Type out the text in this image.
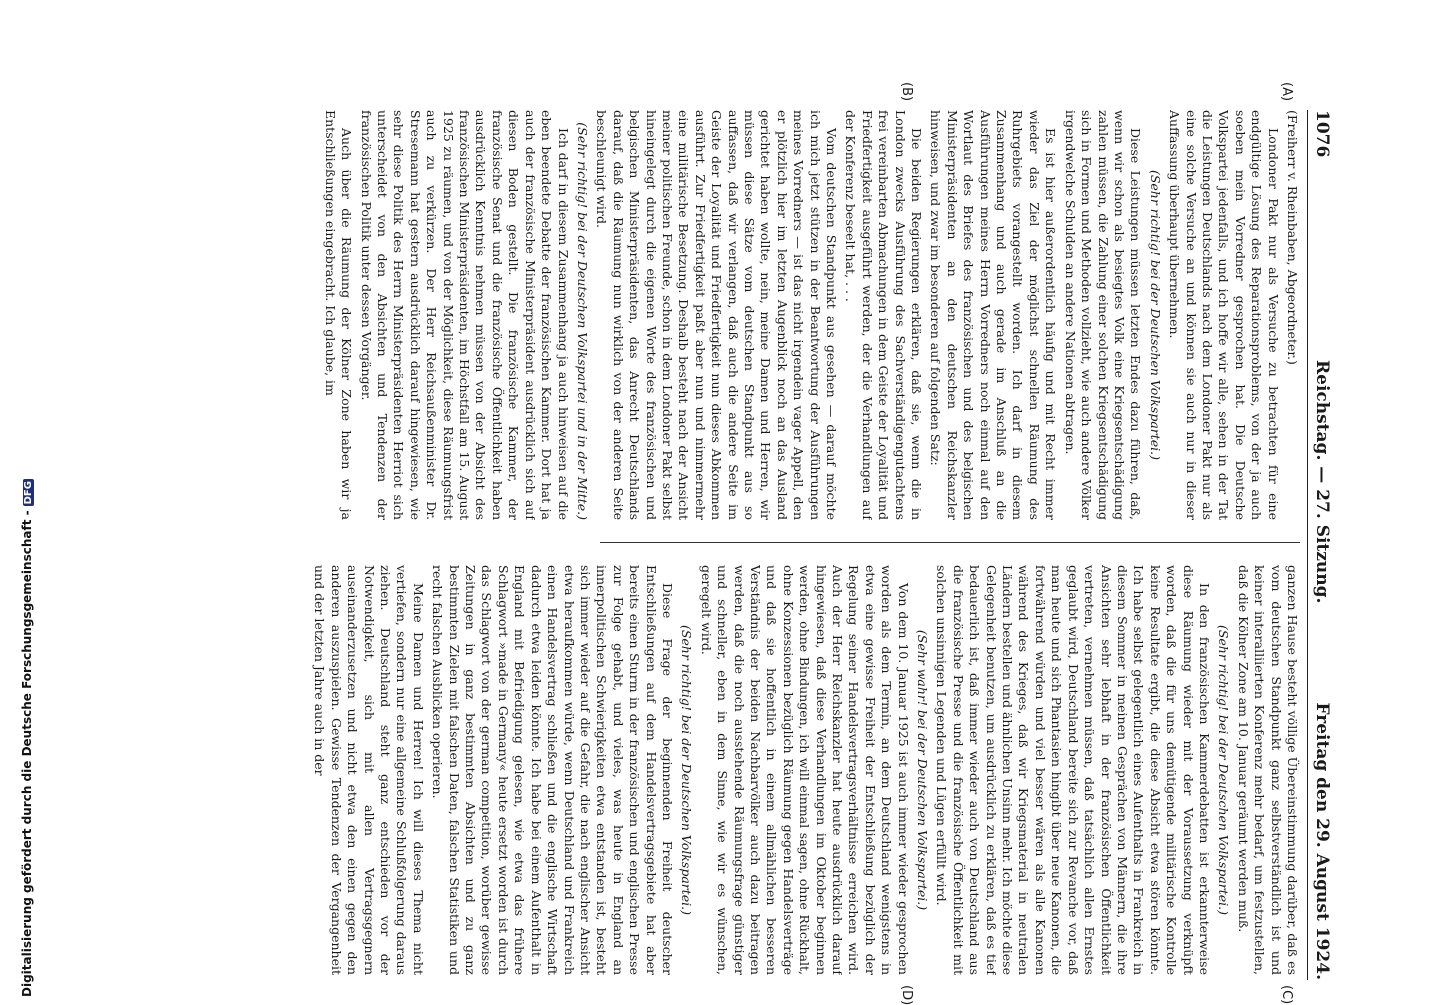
1076
Reichstag. — 27. Sitzung.
Freitag den 29. August 1924.
(A)
(B)
(C)
(D)

(Freiherr v. Rheinbaben, Abgeordneter.)

Londoner Pakt nur als Versuche zu betrachten für eine endgültige Lösung des Reparationsproblems, von der ja auch soeben mein Vorredner gesprochen hat. Die Deutsche Volkspartei jedenfalls, und ich hoffe wir alle, sehen in der Tat die Leistungen Deutschlands nach dem Londoner Pakt nur als eine solche Versuche an und können sie auch nur in dieser Auffassung überhaupt übernehmen.

(Sehr richtig! bei der Deutschen Volkspartei.)

Diese Leistungen müssen letzten Endes dazu führen, daß, wenn wir schon als besiegtes Volk eine Kriegsentschädigung zahlen müssen, die Zahlung einer solchen Kriegsentschädigung sich in Formen und Methoden vollzieht, wie auch andere Völker irgendwelche Schulden an andere Nationen abtragen.

Es ist hier außerordentlich häufig und mit Recht immer wieder das Ziel der möglichst schnellen Räumung des Ruhrgebiets vorangestellt worden. Ich darf in diesem Zusammenhang und auch gerade im Anschluß an die Ausführungen meines Herrn Vorredners noch einmal auf den Wortlaut des Briefes des französischen und des belgischen Ministerpräsidenten an den deutschen Reichskanzler hinweisen, und zwar im besonderen auf folgenden Satz:

Die beiden Regierungen erklären, daß sie, wenn die in London zwecks Ausführung des Sachverständigengutachtens frei vereinbarten Abmachungen in dem Geiste der Loyalität und Friedfertigkeit ausgeführt werden, der die Verhandlungen auf der Konferenz beseelt hat, . . .

Vom deutschen Standpunkt aus gesehen — darauf möchte ich mich jetzt stützen in der Beantwortung der Ausführungen meines Vorredners — ist das nicht irgendein vager Appell, den er plötzlich hier im letzten Augenblick noch an das Ausland gerichtet haben wollte, nein, meine Damen und Herren, wir müssen diese Sätze vom deutschen Standpunkt aus so auffassen, daß wir verlangen, daß auch die andere Seite im Geiste der Loyalität und Friedfertigkeit nun dieses Abkommen ausführt. Zur Friedfertigkeit paßt aber nun und nimmermehr eine militärische Besetzung. Deshalb besteht nach der Ansicht meiner politischen Freunde, schon in dem Londoner Pakt selbst hineingelegt durch die eigenen Worte des französischen und belgischen Ministerpräsidenten, das Anrecht Deutschlands darauf, daß die Räumung nun wirklich von der anderen Seite beschleunigt wird.

(Sehr richtig! bei der Deutschen Volkspartei und in der Mitte.)

Ich darf in diesem Zusammenhang ja auch hinweisen auf die eben beendete Debatte der französischen Kammer. Dort hat ja auch der französische Ministerpräsident ausdrücklich sich auf diesen Boden gestellt. Die französische Kammer, der französische Senat und die französische Öffentlichkeit haben ausdrücklich Kenntnis nehmen müssen von der Absicht des französischen Ministerpräsidenten, im Höchstfall am 15. August 1925 zu räumen, und von der Möglichkeit, diese Räumungsfrist auch zu verkürzen. Der Herr Reichsaußenminister Dr. Stresemann hat gestern ausdrücklich darauf hingewiesen, wie sehr diese Politik des Herrn Ministerpräsidenten Herriot sich unterscheidet von den Absichten und Tendenzen der französischen Politik unter dessen Vorgänger.

Auch über die Räumung der Kölner Zone haben wir ja Entschließungen eingebracht. Ich glaube, im

ganzen Hause besteht völlige Übereinstimmung darüber, daß es vom deutschen Standpunkt ganz selbstverständlich ist und keiner interalliierten Konferenz mehr bedarf, um festzustellen, daß die Kölner Zone am 10. Januar geräumt werden muß.

(Sehr richtig! bei der Deutschen Volkspartei.)

In den französischen Kammerdebatten ist erkannterweise diese Räumung wieder mit der Voraussetzung verknüpft worden, daß die für uns demütigende militärische Kontrolle keine Resultate ergibt, die diese Absicht etwa stören könnte. Ich habe selbst gelegentlich eines Aufenthalts in Frankreich in diesem Sommer in meinen Gesprächen von Männern, die ihre Ansichten sehr lebhaft in der französischen Öffentlichkeit vertreten, vernehmen müssen, daß tatsächlich allen Ernstes geglaubt wird, Deutschland bereite sich zur Revanche vor, daß man heute und sich Phantasien hingibt über neue Kanonen, die fortwährend würden und viel besser wären als alle Kanonen während des Krieges, daß wir Kriegsmaterial in neutralen Ländern bestellen und ähnlichen Unsinn mehr. Ich möchte diese Gelegenheit benutzen, um ausdrücklich zu erklären, daß es tief bedauerlich ist, daß immer wieder auch von Deutschland aus die französische Presse und die französische Öffentlichkeit mit solchen unsinnigen Legenden und Lügen erfüllt wird.

(Sehr wahr! bei der Deutschen Volkspartei.)

Von dem 10. Januar 1925 ist auch immer wieder gesprochen worden als dem Termin, an dem Deutschland wenigstens in etwa eine gewisse Freiheit der Entschließung bezüglich der Regelung seiner Handelsvertragsverhältnisse erreichen wird. Auch der Herr Reichskanzler hat heute ausdrücklich darauf hingewiesen, daß diese Verhandlungen im Oktober beginnen werden, ohne Bindungen, ich will einmal sagen, ohne Rückhalt, ohne Konzessionen bezüglich Räumung gegen Handelsverträge und daß sie hoffentlich in einem allmählichen besseren Verständnis der beiden Nachbarvölker auch dazu beitragen werden, daß die noch ausstehende Räumungsfrage günstiger und schneller, eben in dem Sinne, wie wir es wünschen, geregelt wird.

(Sehr richtig! bei der Deutschen Volkspartei.)

Diese Frage der beginnenden Freiheit deutscher Entschließungen auf dem Handelsvertragsgebiete hat aber bereits einen Sturm in der französischen und englischen Presse zur Folge gehabt, und vieles, was heute in England an innerpolitischen Schwierigkeiten etwa entstanden ist, besteht sich immer wieder auf die Gefahr, die nach englischer Ansicht etwa heraufkommen würde, wenn Deutschland und Frankreich einen Handelsvertrag schließen und die englische Wirtschaft dadurch etwa leiden könnte. Ich habe bei einem Aufenthalt in England mit Befriedigung gelesen, wie etwa das frühere Schlagwort »made in Germany« heute ersetzt worden ist durch das Schlagwort von der german competition, worüber gewisse Zeitungen in ganz bestimmten Absichten und zu ganz bestimmten Zielen mit falschen Daten, falschen Statistiken und recht falschen Ausblicken operieren.

Meine Damen und Herren! Ich will dieses Thema nicht vertiefen, sondern nur eine allgemeine Schlußfolgerung daraus ziehen. Deutschland steht ganz entschieden vor der Notwendigkeit, sich mit allen Vertragsgegnern auseinanderzusetzen und nicht etwa den einen gegen den anderen auszuspielen. Gewisse Tendenzen der Vergangenheit und der letzten Jahre auch in der

Digitalisierung gefördert durch die Deutsche Forschungsgemeinschaft -DFG
